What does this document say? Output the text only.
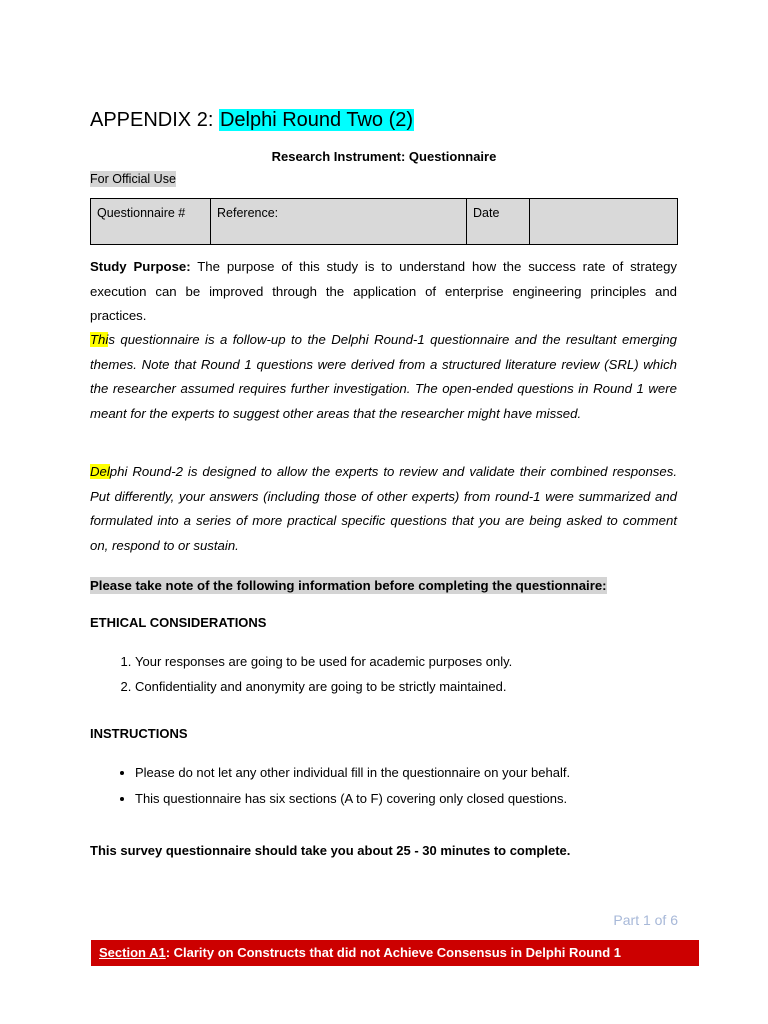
APPENDIX 2: Delphi Round Two (2)
Research Instrument: Questionnaire
For Official Use
Questionnaire #	Reference:	Date	
Study Purpose: The purpose of this study is to understand how the success rate of strategy execution can be improved through the application of enterprise engineering principles and practices.
This questionnaire is a follow-up to the Delphi Round-1 questionnaire and the resultant emerging themes. Note that Round 1 questions were derived from a structured literature review (SRL) which the researcher assumed requires further investigation. The open-ended questions in Round 1 were meant for the experts to suggest other areas that the researcher might have missed.
Delphi Round-2 is designed to allow the experts to review and validate their combined responses. Put differently, your answers (including those of other experts) from round-1 were summarized and formulated into a series of more practical specific questions that you are being asked to comment on, respond to or sustain.
Please take note of the following information before completing the questionnaire:
ETHICAL CONSIDERATIONS
1. Your responses are going to be used for academic purposes only.
2. Confidentiality and anonymity are going to be strictly maintained.
INSTRUCTIONS
• Please do not let any other individual fill in the questionnaire on your behalf.
• This questionnaire has six sections (A to F) covering only closed questions.
This survey questionnaire should take you about 25 - 30 minutes to complete.
Part 1 of 6
Section A1: Clarity on Constructs that did not Achieve Consensus in Delphi Round 1
